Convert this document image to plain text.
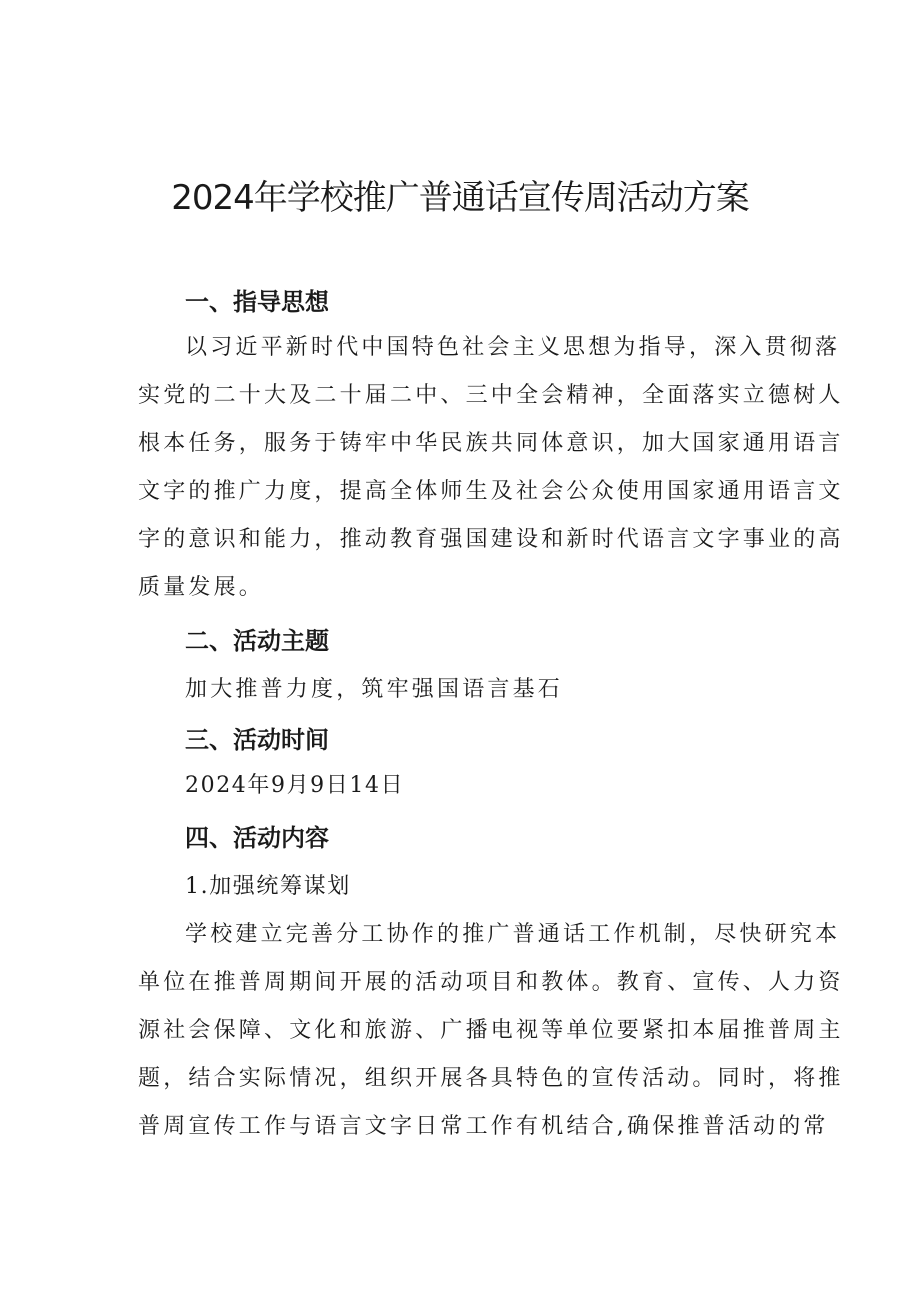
2024年学校推广普通话宣传周活动方案
一、指导思想

以习近平新时代中国特色社会主义思想为指导，深入贯彻落

实党的二十大及二十届二中、三中全会精神，全面落实立德树人

根本任务，服务于铸牢中华民族共同体意识，加大国家通用语言

文字的推广力度，提高全体师生及社会公众使用国家通用语言文

字的意识和能力，推动教育强国建设和新时代语言文字事业的高

质量发展。

二、活动主题

加大推普力度，筑牢强国语言基石

三、活动时间

2024年9月9日14日

四、活动内容

1.加强统筹谋划

学校建立完善分工协作的推广普通话工作机制，尽快研究本

单位在推普周期间开展的活动项目和教体。教育、宣传、人力资

源社会保障、文化和旅游、广播电视等单位要紧扣本届推普周主

题，结合实际情况，组织开展各具特色的宣传活动。同时，将推

普周宣传工作与语言文字日常工作有机结合,确保推普活动的常
